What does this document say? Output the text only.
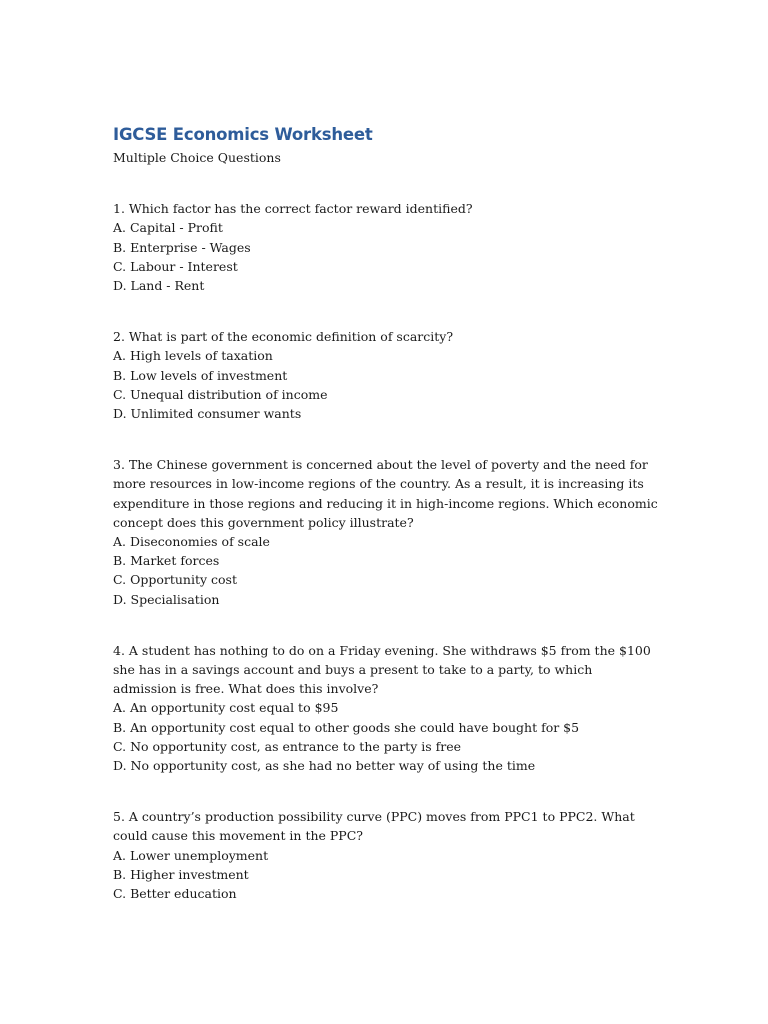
IGCSE Economics Worksheet

Multiple Choice Questions

1. Which factor has the correct factor reward identified?

A. Capital - Profit

B. Enterprise - Wages

C. Labour - Interest

D. Land - Rent

2. What is part of the economic definition of scarcity?

A. High levels of taxation

B. Low levels of investment

C. Unequal distribution of income

D. Unlimited consumer wants

3. The Chinese government is concerned about the level of poverty and the need for more resources in low-income regions of the country. As a result, it is increasing its expenditure in those regions and reducing it in high-income regions. Which economic concept does this government policy illustrate?

A. Diseconomies of scale

B. Market forces

C. Opportunity cost

D. Specialisation

4. A student has nothing to do on a Friday evening. She withdraws $5 from the $100 she has in a savings account and buys a present to take to a party, to which admission is free. What does this involve?

A. An opportunity cost equal to $95

B. An opportunity cost equal to other goods she could have bought for $5

C. No opportunity cost, as entrance to the party is free

D. No opportunity cost, as she had no better way of using the time

5. A country’s production possibility curve (PPC) moves from PPC1 to PPC2. What could cause this movement in the PPC?

A. Lower unemployment

B. Higher investment

C. Better education
